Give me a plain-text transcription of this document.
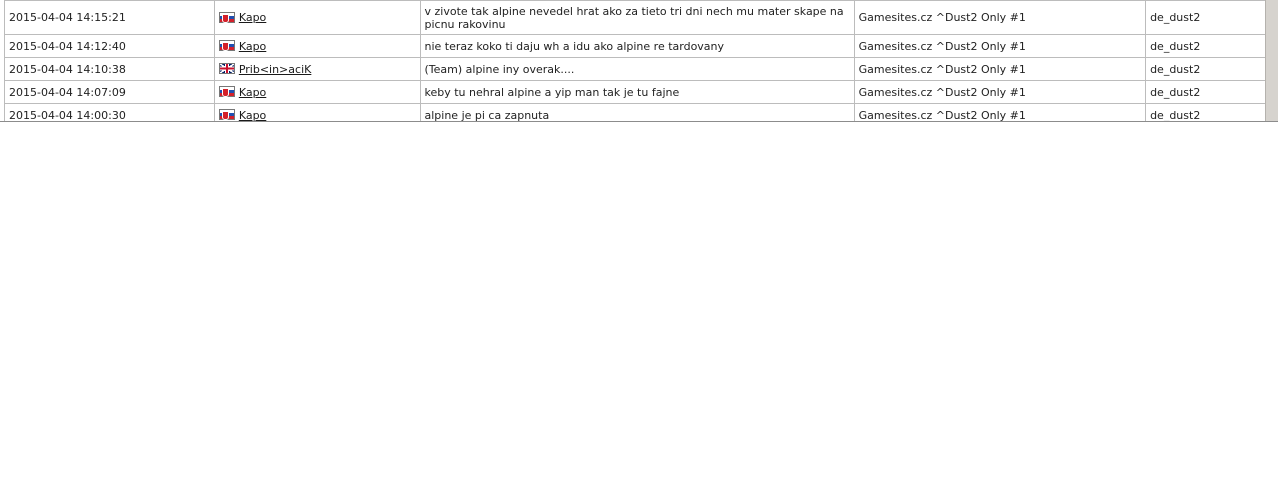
2015-04-04 14:15:21	Kapo	v zivote tak alpine nevedel hrat ako za tieto tri dni nech mu mater skape na picnu rakovinu	Gamesites.cz ^Dust2 Only #1	de_dust2
2015-04-04 14:12:40	Kapo	nie teraz koko ti daju wh a idu ako alpine re tardovany	Gamesites.cz ^Dust2 Only #1	de_dust2
2015-04-04 14:10:38	Prib<in>aciK	(Team) alpine iny overak....	Gamesites.cz ^Dust2 Only #1	de_dust2
2015-04-04 14:07:09	Kapo	keby tu nehral alpine a yip man tak je tu fajne	Gamesites.cz ^Dust2 Only #1	de_dust2
2015-04-04 14:00:30	Kapo	alpine je pi ca zapnuta	Gamesites.cz ^Dust2 Only #1	de_dust2
